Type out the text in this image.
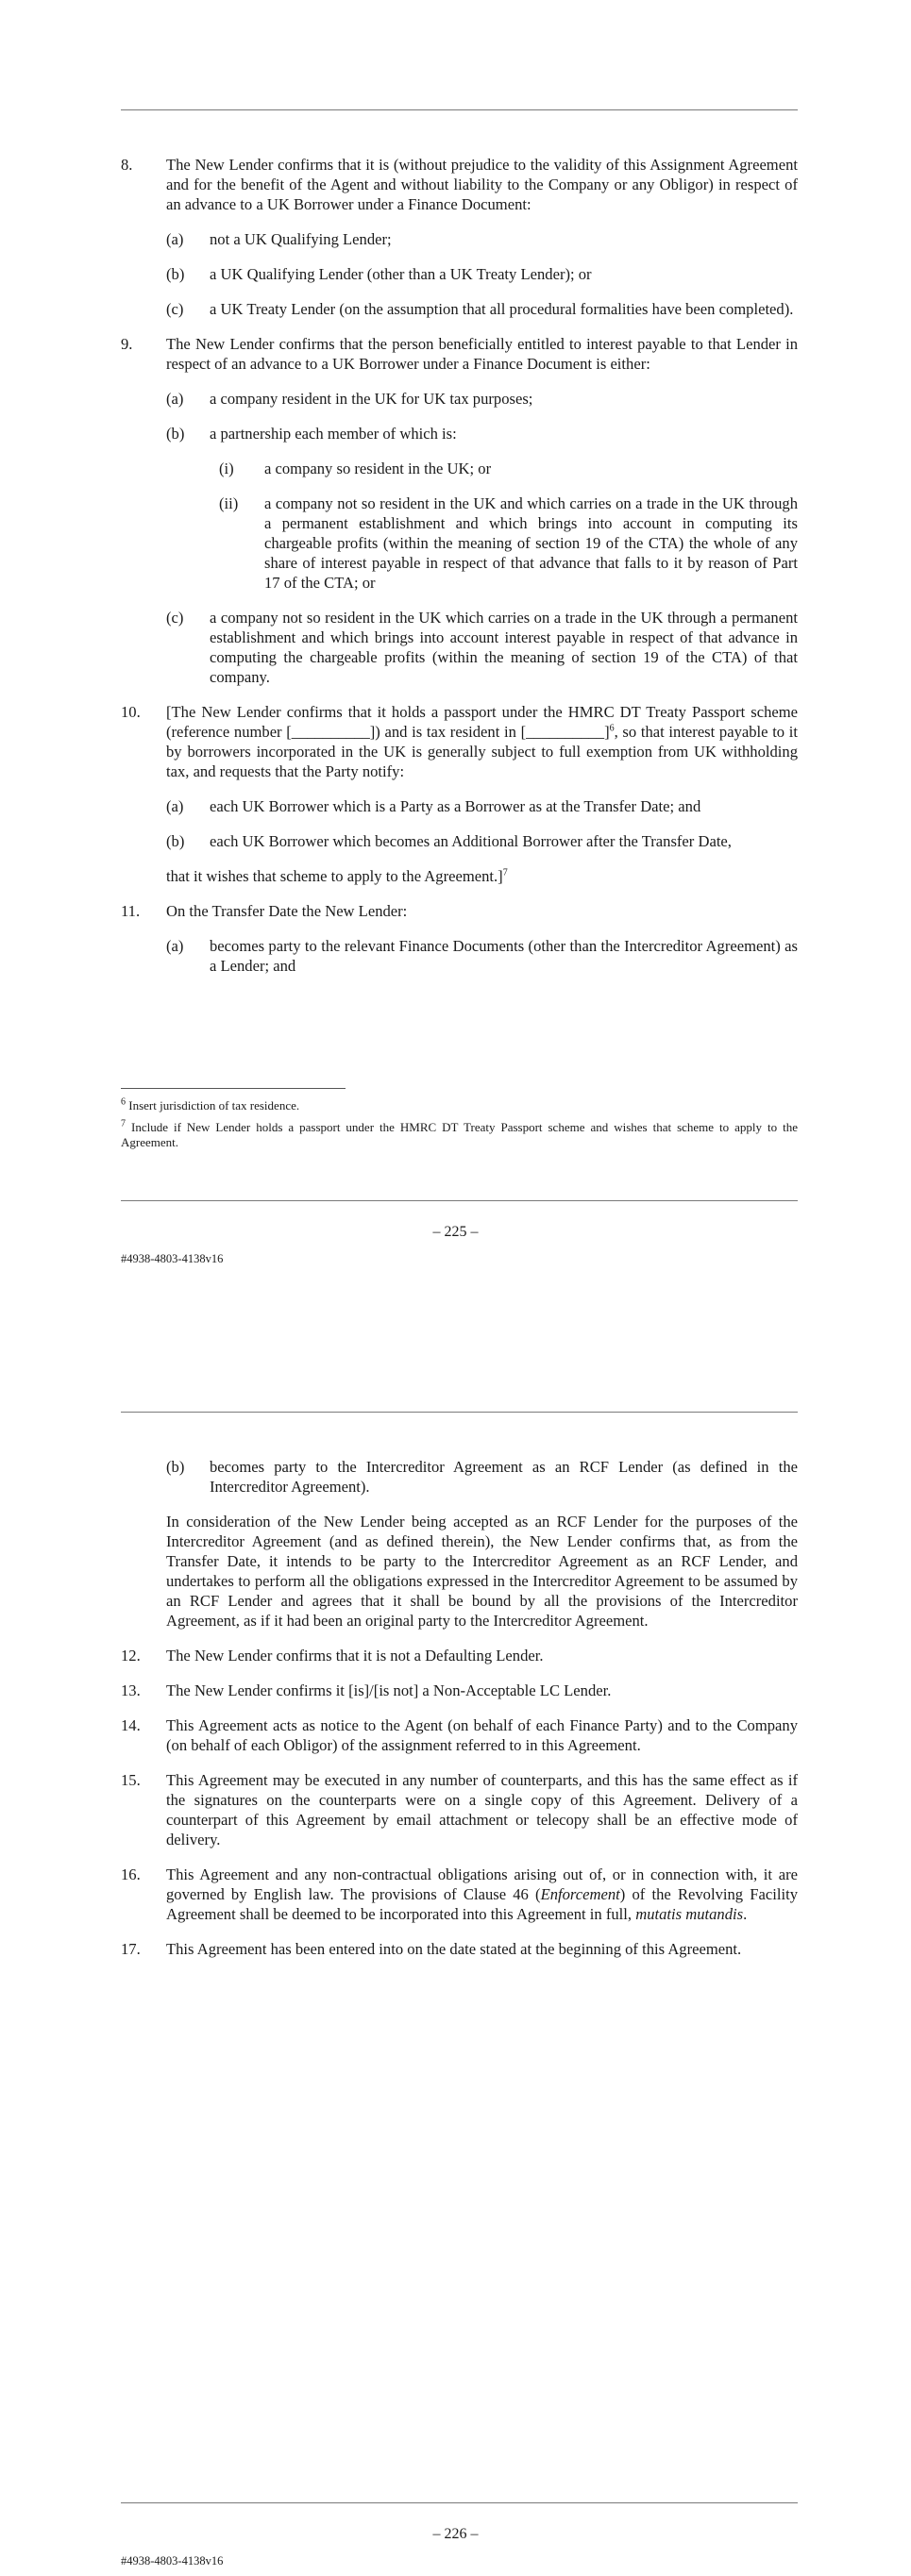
8. The New Lender confirms that it is (without prejudice to the validity of this Assignment Agreement and for the benefit of the Agent and without liability to the Company or any Obligor) in respect of an advance to a UK Borrower under a Finance Document:
(a) not a UK Qualifying Lender;
(b) a UK Qualifying Lender (other than a UK Treaty Lender); or
(c) a UK Treaty Lender (on the assumption that all procedural formalities have been completed).
9. The New Lender confirms that the person beneficially entitled to interest payable to that Lender in respect of an advance to a UK Borrower under a Finance Document is either:
(a) a company resident in the UK for UK tax purposes;
(b) a partnership each member of which is:
(i) a company so resident in the UK; or
(ii) a company not so resident in the UK and which carries on a trade in the UK through a permanent establishment and which brings into account in computing its chargeable profits (within the meaning of section 19 of the CTA) the whole of any share of interest payable in respect of that advance that falls to it by reason of Part 17 of the CTA; or
(c) a company not so resident in the UK which carries on a trade in the UK through a permanent establishment and which brings into account interest payable in respect of that advance in computing the chargeable profits (within the meaning of section 19 of the CTA) of that company.
10. [The New Lender confirms that it holds a passport under the HMRC DT Treaty Passport scheme (reference number [__________]) and is tax resident in [__________]$^6$, so that interest payable to it by borrowers incorporated in the UK is generally subject to full exemption from UK withholding tax, and requests that the Party notify:
(a) each UK Borrower which is a Party as a Borrower as at the Transfer Date; and
(b) each UK Borrower which becomes an Additional Borrower after the Transfer Date,
that it wishes that scheme to apply to the Agreement.]$^7$
11. On the Transfer Date the New Lender:
(a) becomes party to the relevant Finance Documents (other than the Intercreditor Agreement) as a Lender; and
$^6$ Insert jurisdiction of tax residence.
$^7$ Include if New Lender holds a passport under the HMRC DT Treaty Passport scheme and wishes that scheme to apply to the Agreement.
– 225 –
#4938-4803-4138v16
(b) becomes party to the Intercreditor Agreement as an RCF Lender (as defined in the Intercreditor Agreement).
In consideration of the New Lender being accepted as an RCF Lender for the purposes of the Intercreditor Agreement (and as defined therein), the New Lender confirms that, as from the Transfer Date, it intends to be party to the Intercreditor Agreement as an RCF Lender, and undertakes to perform all the obligations expressed in the Intercreditor Agreement to be assumed by an RCF Lender and agrees that it shall be bound by all the provisions of the Intercreditor Agreement, as if it had been an original party to the Intercreditor Agreement.
12. The New Lender confirms that it is not a Defaulting Lender.
13. The New Lender confirms it [is]/[is not] a Non-Acceptable LC Lender.
14. This Agreement acts as notice to the Agent (on behalf of each Finance Party) and to the Company (on behalf of each Obligor) of the assignment referred to in this Agreement.
15. This Agreement may be executed in any number of counterparts, and this has the same effect as if the signatures on the counterparts were on a single copy of this Agreement. Delivery of a counterpart of this Agreement by email attachment or telecopy shall be an effective mode of delivery.
16. This Agreement and any non-contractual obligations arising out of, or in connection with, it are governed by English law. The provisions of Clause 46 (Enforcement) of the Revolving Facility Agreement shall be deemed to be incorporated into this Agreement in full, mutatis mutandis.
17. This Agreement has been entered into on the date stated at the beginning of this Agreement.
– 226 –
#4938-4803-4138v16
